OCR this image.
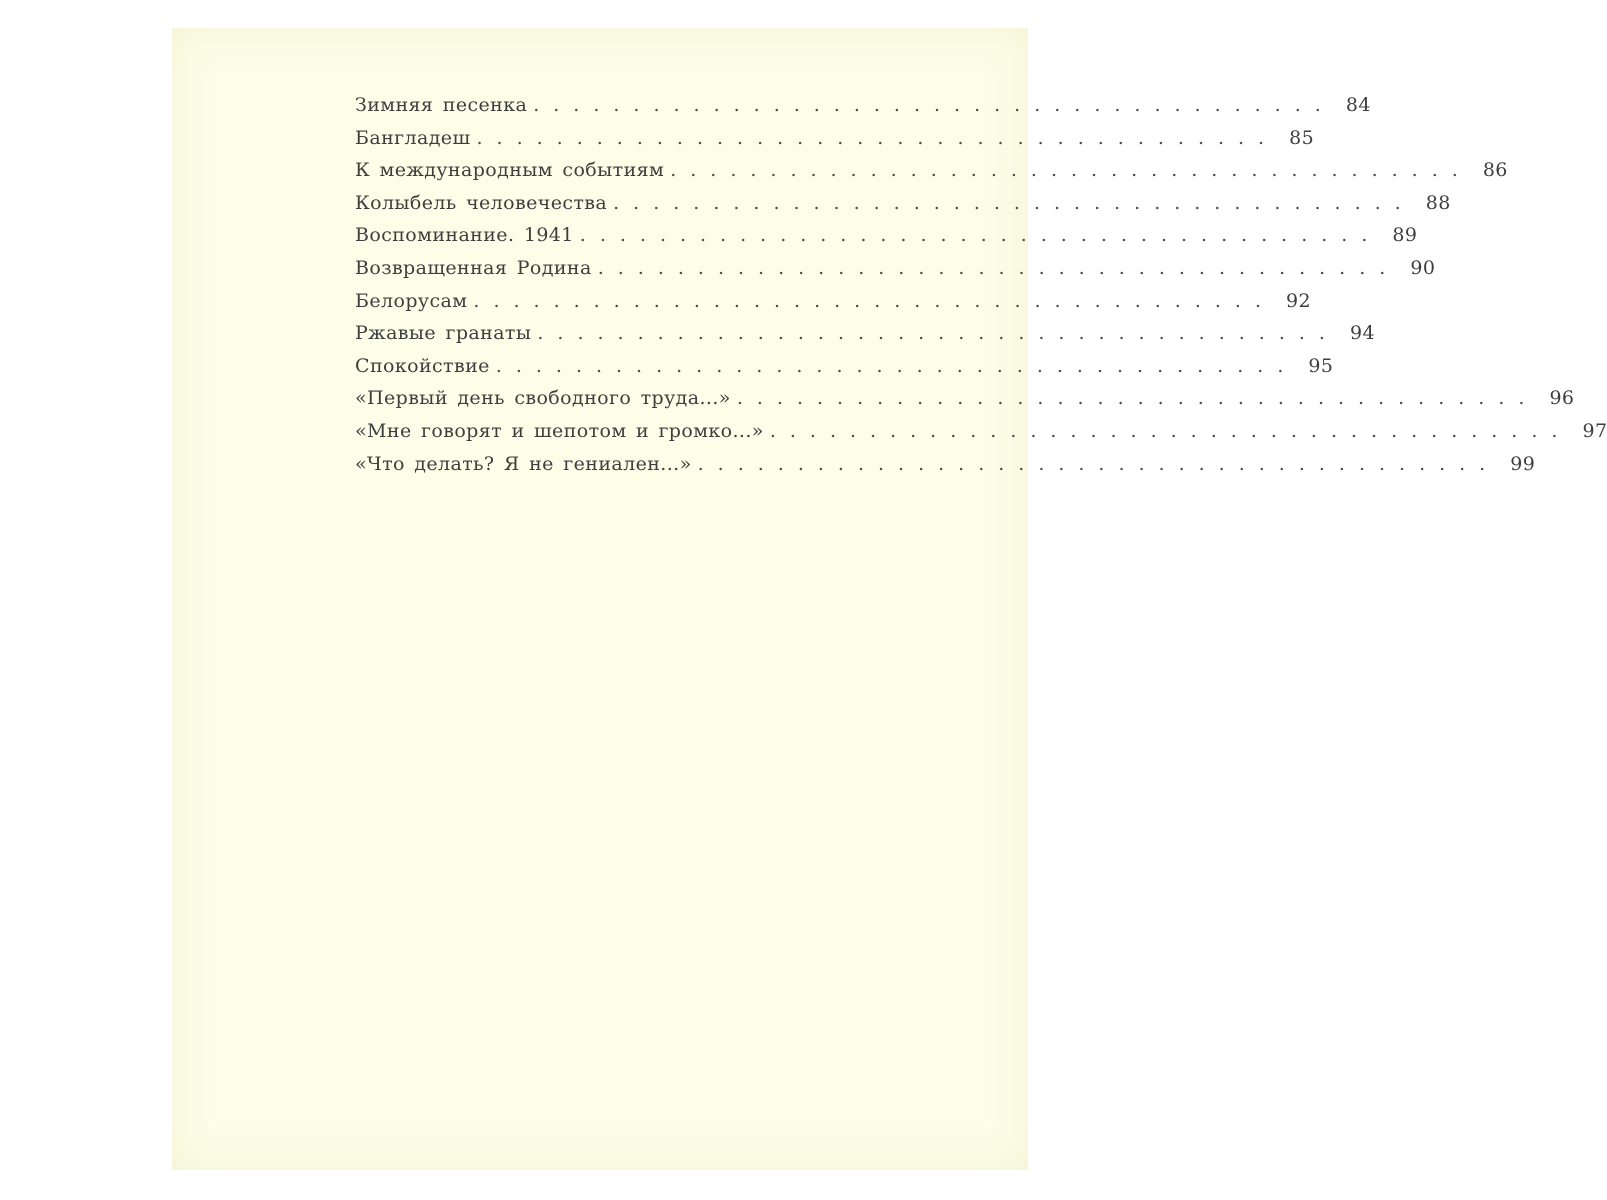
Зимняя песенка ........................................ 84
Бангладеш ........................................ 85
К международным событиям ........................................ 86
Колыбель человечества ........................................ 88
Воспоминание. 1941 ........................................ 89
Возвращенная Родина ........................................ 90
Белорусам ........................................ 92
Ржавые гранаты ........................................ 94
Спокойствие ........................................ 95
«Первый день свободного труда...» ........................................ 96
«Мне говорят и шепотом и громко...» ........................................ 97
«Что делать? Я не гениален...» ........................................ 99
